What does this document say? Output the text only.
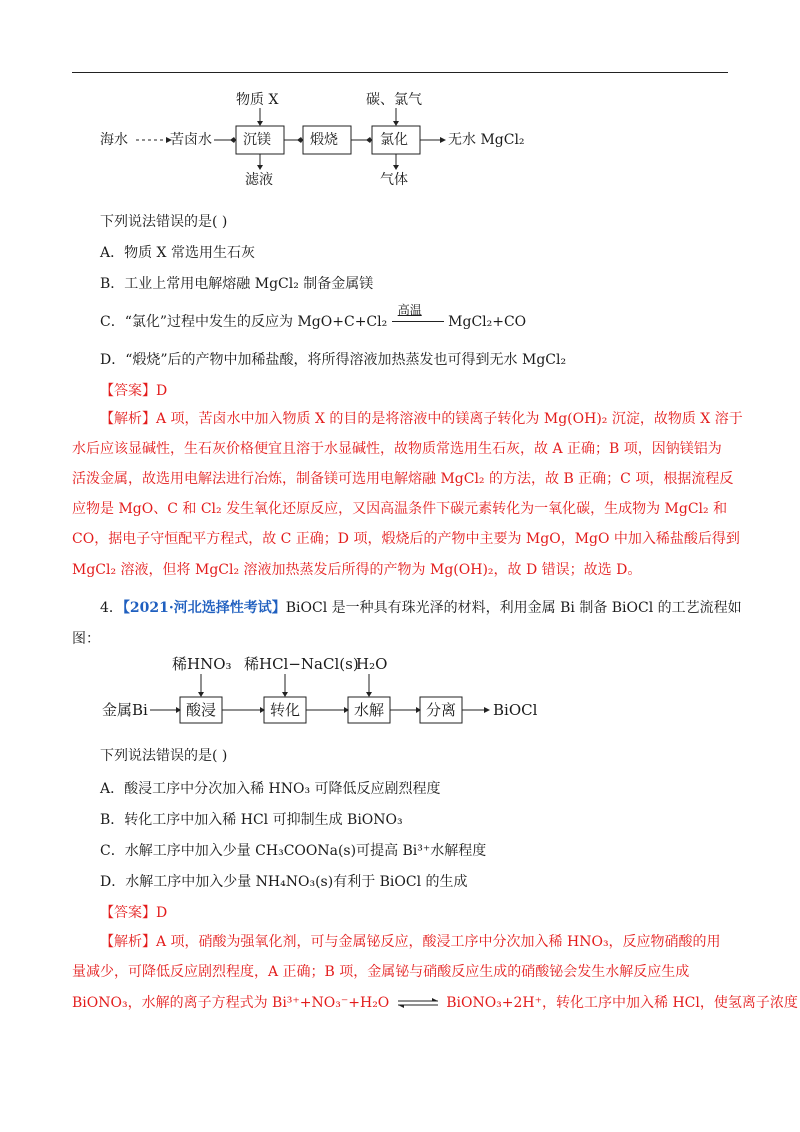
海水	苦卤水 沉镁	煅烧	氯化	无水 MgCl₂
物质 X	碳、氯气
滤液	气体
下列说法错误的是( )
A．物质 X 常选用生石灰
B．工业上常用电解熔融 MgCl₂ 制备金属镁
C．“氯化”过程中发生的反应为 MgO+C+Cl₂
高温
MgCl₂+CO
D．“煅烧”后的产物中加稀盐酸，将所得溶液加热蒸发也可得到无水 MgCl₂
【答案】D
【解析】A 项，苦卤水中加入物质 X 的目的是将溶液中的镁离子转化为 Mg(OH)₂ 沉淀，故物质 X 溶于
水后应该显碱性，生石灰价格便宜且溶于水显碱性，故物质常选用生石灰，故 A 正确；B 项，因钠镁铝为
活泼金属，故选用电解法进行冶炼，制备镁可选用电解熔融 MgCl₂ 的方法，故 B 正确；C 项，根据流程反
应物是 MgO、C 和 Cl₂ 发生氧化还原反应，又因高温条件下碳元素转化为一氧化碳，生成物为 MgCl₂ 和
CO，据电子守恒配平方程式，故 C 正确；D 项，煅烧后的产物中主要为 MgO，MgO 中加入稀盐酸后得到
MgCl₂ 溶液，但将 MgCl₂ 溶液加热蒸发后所得的产物为 Mg(OH)₂，故 D 错误；故选 D。
4．【2021·河北选择性考试】BiOCl 是一种具有珠光泽的材料，利用金属 Bi 制备 BiOCl 的工艺流程如
图：
金属Bi	酸浸	转化	水解	分离 BiOCl
稀HNO₃ 稀HCl−NaCl(s)
H₂O
下列说法错误的是( )
A．酸浸工序中分次加入稀 HNO₃ 可降低反应剧烈程度
B．转化工序中加入稀 HCl 可抑制生成 BiONO₃
C．水解工序中加入少量 CH₃COONa(s)可提高 Bi³⁺水解程度
D．水解工序中加入少量 NH₄NO₃(s)有利于 BiOCl 的生成
【答案】D
【解析】A 项，硝酸为强氧化剂，可与金属铋反应，酸浸工序中分次加入稀 HNO₃，反应物硝酸的用
量减少，可降低反应剧烈程度，A 正确；B 项，金属铋与硝酸反应生成的硝酸铋会发生水解反应生成
BiONO₃，水解的离子方程式为 Bi³⁺+NO₃⁻+H₂O ⇌ BiONO₃+2H⁺，转化工序中加入稀 HCl，使氢离子浓度
